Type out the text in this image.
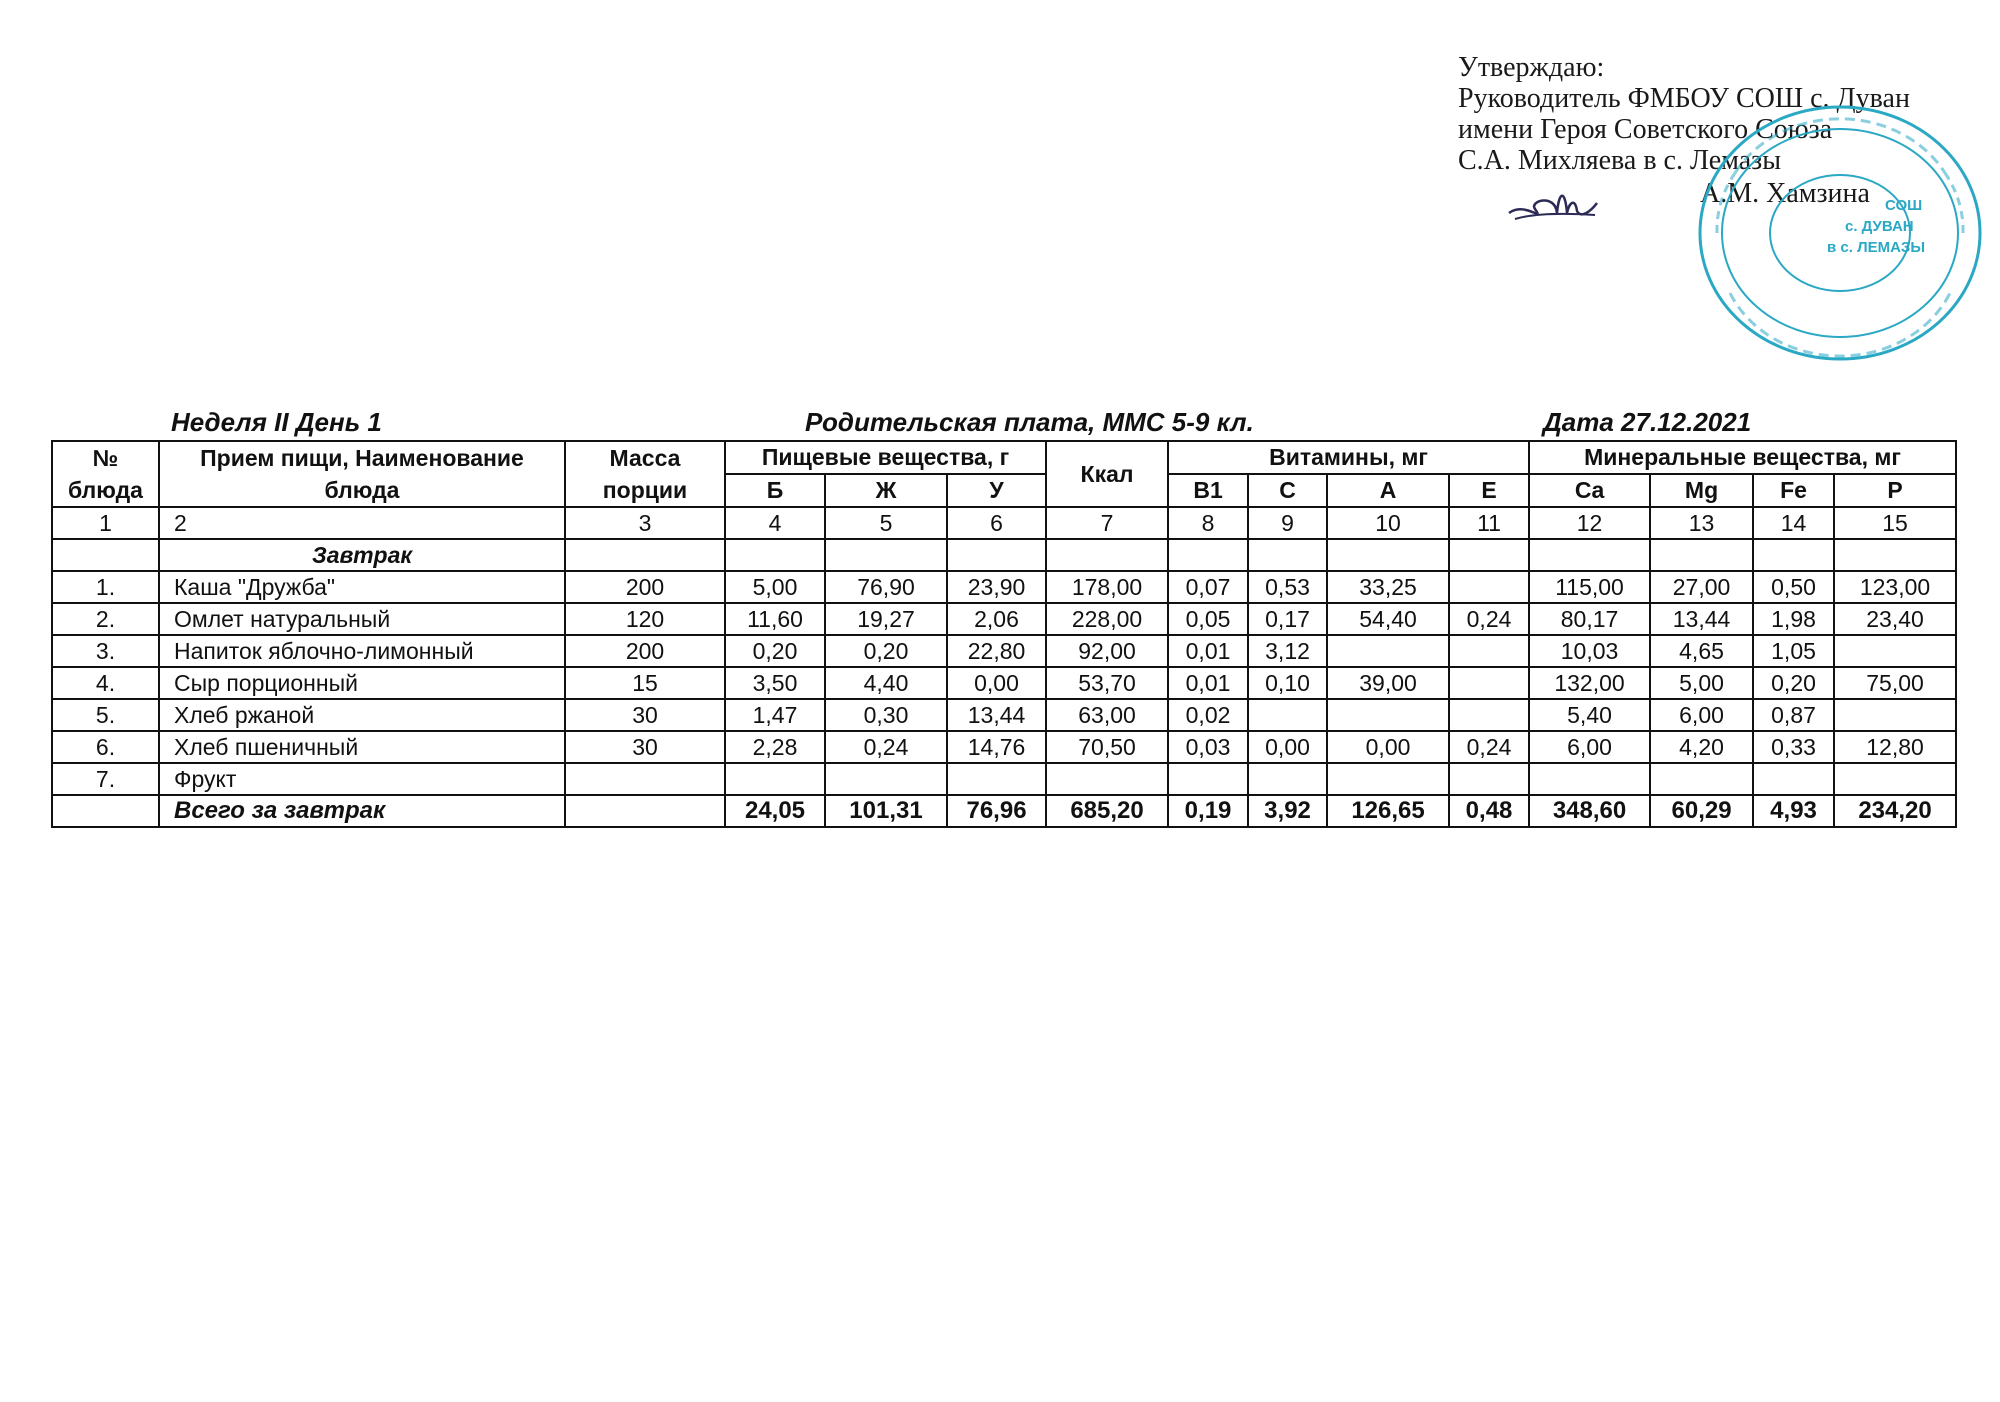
Утверждаю:
Руководитель ФМБОУ СОШ с. Дуван
имени Героя Советского Союза
С.А. Михляева в с. Лемазы
А.М. Хамзина СОШ
с. ДУВАН
в с. ЛЕМАЗЫ
Неделя II День 1	Родительская плата, ММС 5-9 кл.	Дата 27.12.2021
№ блюда	Прием пищи, Наименование блюда	Масса порции	Пищевые вещества, г			Ккал	Витамины, мг				Минеральные вещества, мг			
			Б	Ж	У		B1	C	A	E	Ca	Mg	Fe	P
1	2	3	4	5	6	7	8	9	10	11	12	13	14	15
	Завтрак													
1.	Каша "Дружба"	200	5,00	76,90	23,90	178,00	0,07	0,53	33,25		115,00	27,00	0,50	123,00
2.	Омлет натуральный	120	11,60	19,27	2,06	228,00	0,05	0,17	54,40	0,24	80,17	13,44	1,98	23,40
3.	Напиток яблочно-лимонный	200	0,20	0,20	22,80	92,00	0,01	3,12			10,03	4,65	1,05	
4.	Сыр порционный	15	3,50	4,40	0,00	53,70	0,01	0,10	39,00		132,00	5,00	0,20	75,00
5.	Хлеб ржаной	30	1,47	0,30	13,44	63,00	0,02				5,40	6,00	0,87	
6.	Хлеб пшеничный	30	2,28	0,24	14,76	70,50	0,03	0,00	0,00	0,24	6,00	4,20	0,33	12,80
7.	Фрукт													
	Всего за завтрак		24,05	101,31	76,96	685,20	0,19	3,92	126,65	0,48	348,60	60,29	4,93	234,20
